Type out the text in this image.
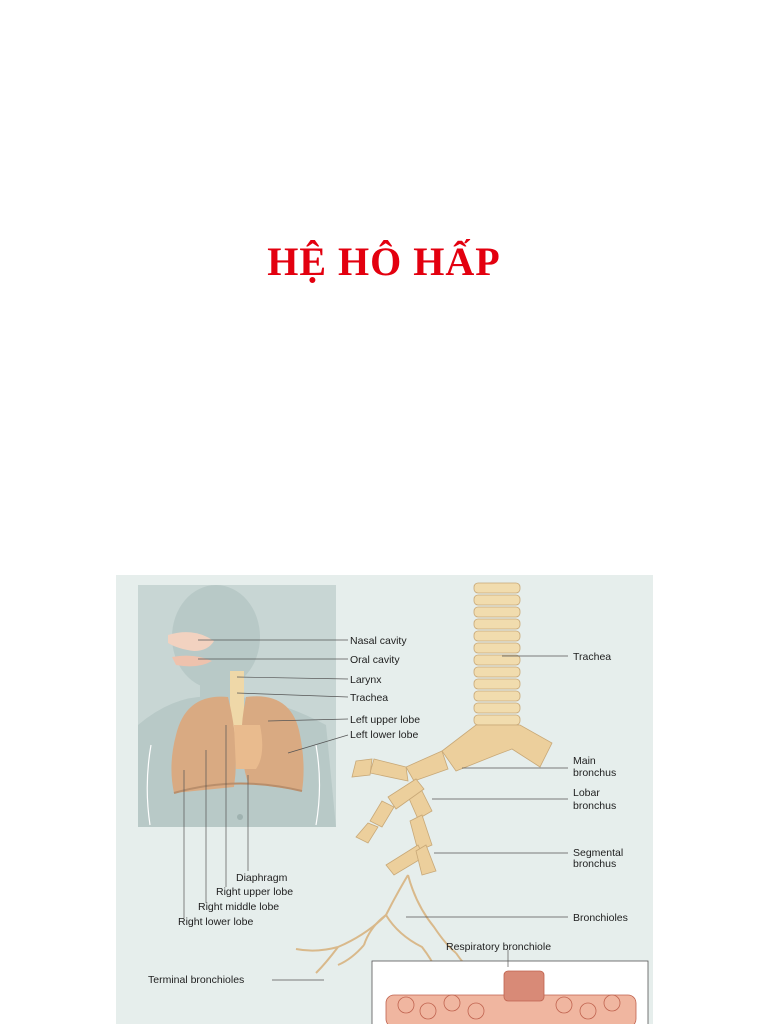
HỆ HÔ HẤP
Nasal cavity
Oral cavity
Larynx
Trachea
Left upper lobe
Left lower lobe
Diaphragm
Right upper lobe
Right middle lobe
Right lower lobe
Trachea
Main
bronchus
Lobar
bronchus
Segmental
bronchus
Bronchioles
Terminal bronchioles
Respiratory bronchiole
